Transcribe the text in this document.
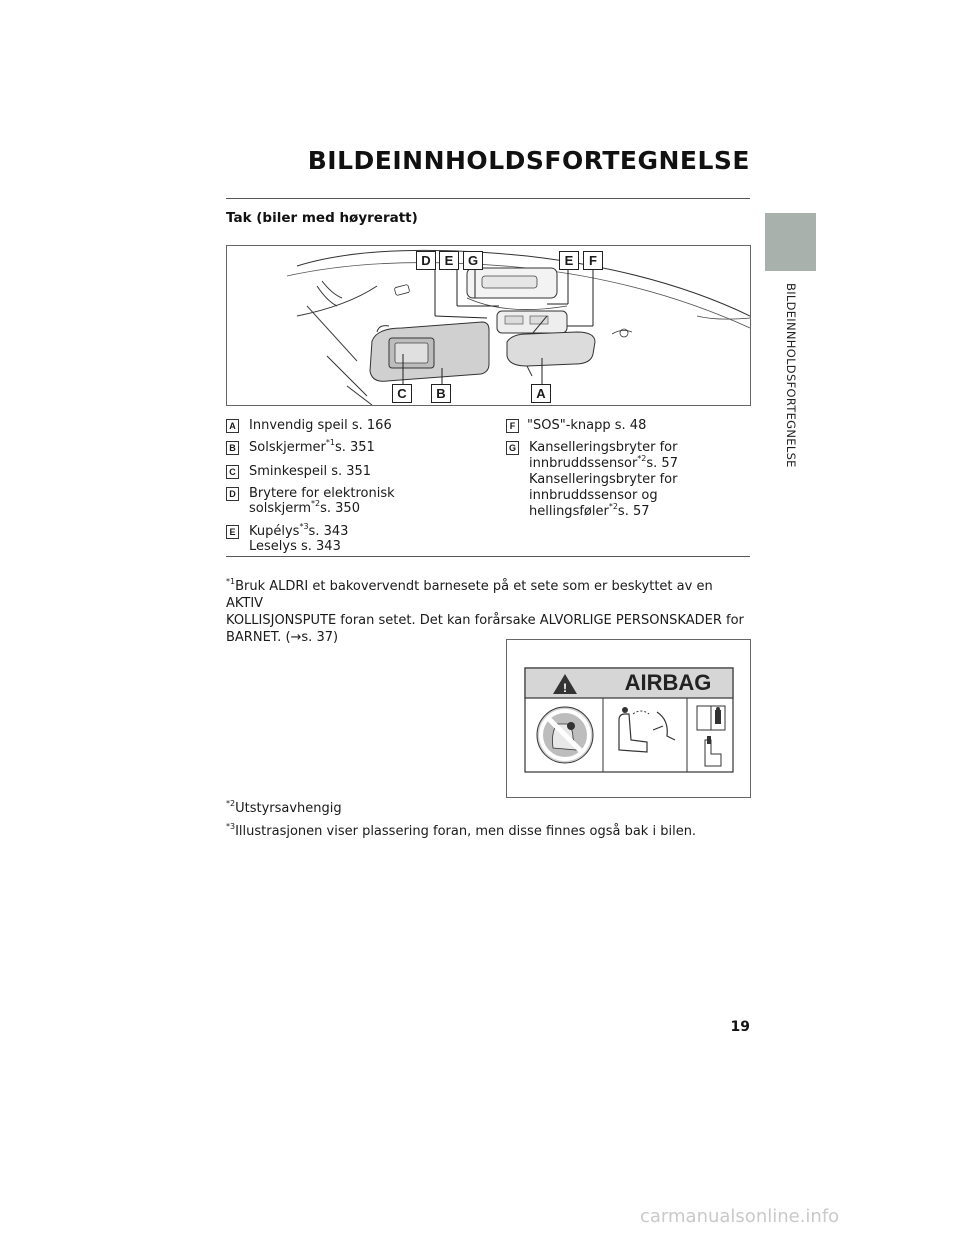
BILDEINNHOLDSFORTEGNELSE
BILDEINNHOLDSFORTEGNELSE
Tak (biler med høyreratt)
D	E	G	E	F
C	B	A
A Innvendig speil s. 166
B Solskjermer$^{*1}$s. 351
C Sminkespeil s. 351
D Brytere for elektronisk
solskjerm$^{*2}$s. 350
E Kupélys$^{*3}$s. 343
Leselys s. 343
F "SOS"-knapp s. 48
G Kanselleringsbryter for
innbruddssensor$^{*2}$s. 57
Kanselleringsbryter for
innbruddssensor og
hellingsføler$^{*2}$s. 57
$^{*1}$Bruk ALDRI et bakovervendt barnesete på et sete som er beskyttet av en AKTIV
KOLLISJONSPUTE foran setet. Det kan forårsake ALVORLIGE PERSONSKADER for
BARNET. (→s. 37)
!	AIRBAG
$^{*2}$Utstyrsavhengig
$^{*3}$Illustrasjonen viser plassering foran, men disse finnes også bak i bilen.
19
carmanualsonline.info
